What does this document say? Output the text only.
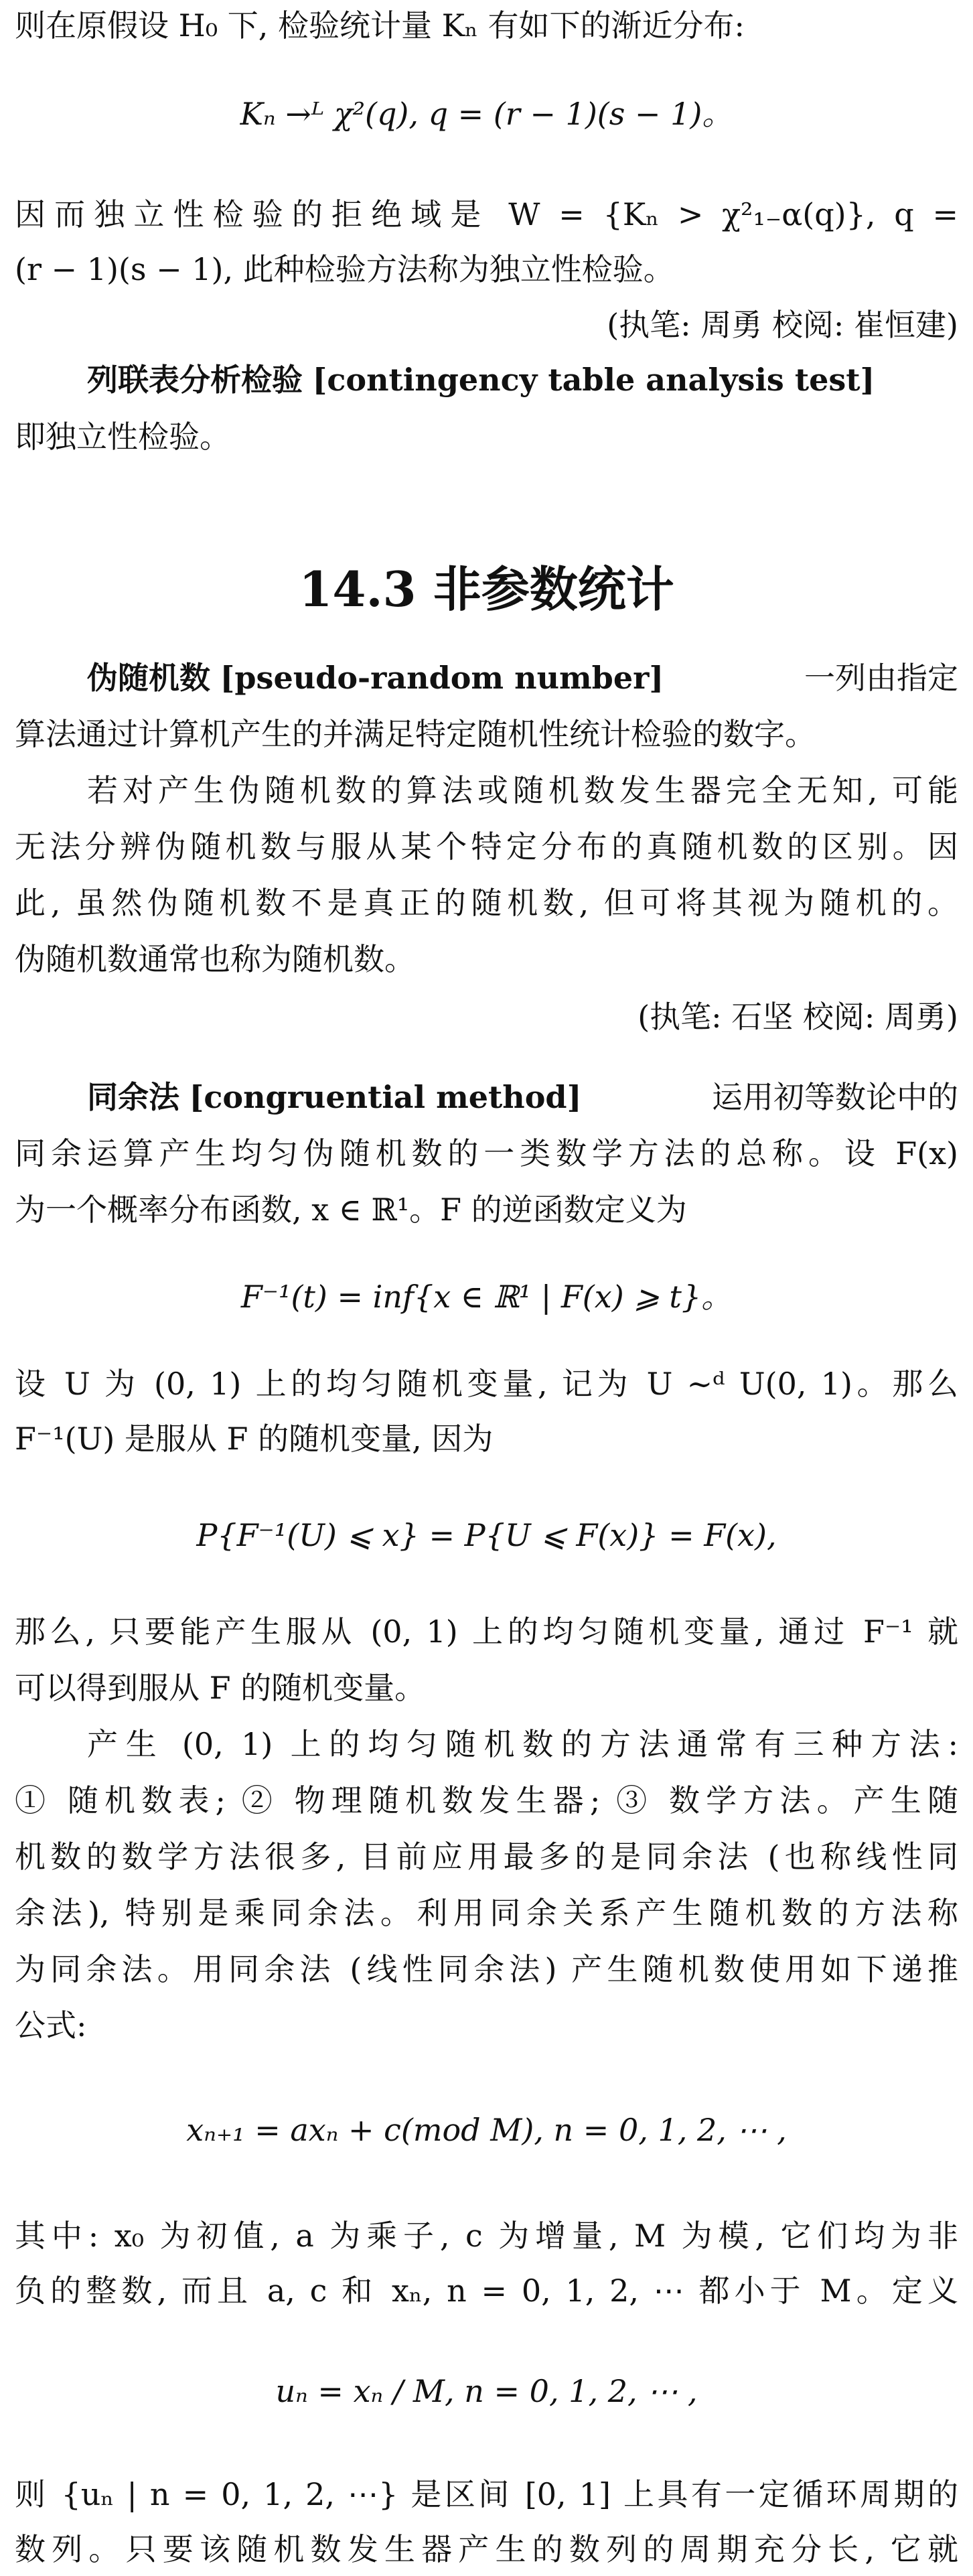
则在原假设 H₀ 下, 检验统计量 Kₙ 有如下的渐近分布:
Kₙ →ᴸ χ²(q), q = (r − 1)(s − 1)。
因而独立性检验的拒绝域是 W = {Kₙ > χ²₁₋α(q)}, q =
(r − 1)(s − 1), 此种检验方法称为独立性检验。
(执笔: 周勇 校阅: 崔恒建)
列联表分析检验 [contingency table analysis test]
即独立性检验。
14.3 非参数统计
伪随机数 [pseudo-random number]	一列由指定
算法通过计算机产生的并满足特定随机性统计检验的数字。
若对产生伪随机数的算法或随机数发生器完全无知, 可能
无法分辨伪随机数与服从某个特定分布的真随机数的区别。因
此, 虽然伪随机数不是真正的随机数, 但可将其视为随机的。
伪随机数通常也称为随机数。
(执笔: 石坚 校阅: 周勇)
同余法 [congruential method]	运用初等数论中的
同余运算产生均匀伪随机数的一类数学方法的总称。设 F(x)
为一个概率分布函数, x ∈ ℝ¹。F 的逆函数定义为
F⁻¹(t) = inf{x ∈ ℝ¹ | F(x) ⩾ t}。
设 U 为 (0, 1) 上的均匀随机变量, 记为 U ∼ᵈ U(0, 1)。那么
F⁻¹(U) 是服从 F 的随机变量, 因为
P{F⁻¹(U) ⩽ x} = P{U ⩽ F(x)} = F(x),
那么, 只要能产生服从 (0, 1) 上的均匀随机变量, 通过 F⁻¹ 就
可以得到服从 F 的随机变量。
产生 (0, 1) 上的均匀随机数的方法通常有三种方法:
① 随机数表; ② 物理随机数发生器; ③ 数学方法。产生随
机数的数学方法很多, 目前应用最多的是同余法 (也称线性同
余法), 特别是乘同余法。利用同余关系产生随机数的方法称
为同余法。用同余法 (线性同余法) 产生随机数使用如下递推
公式:
xₙ₊₁ = axₙ + c(mod M), n = 0, 1, 2, ⋯ ,
其中: x₀ 为初值, a 为乘子, c 为增量, M 为模, 它们均为非
负的整数, 而且 a, c 和 xₙ, n = 0, 1, 2, ⋯ 都小于 M。定义
uₙ = xₙ / M, n = 0, 1, 2, ⋯ ,
则 {uₙ | n = 0, 1, 2, ⋯} 是区间 [0, 1] 上具有一定循环周期的
数列。只要该随机数发生器产生的数列的周期充分长, 它就
